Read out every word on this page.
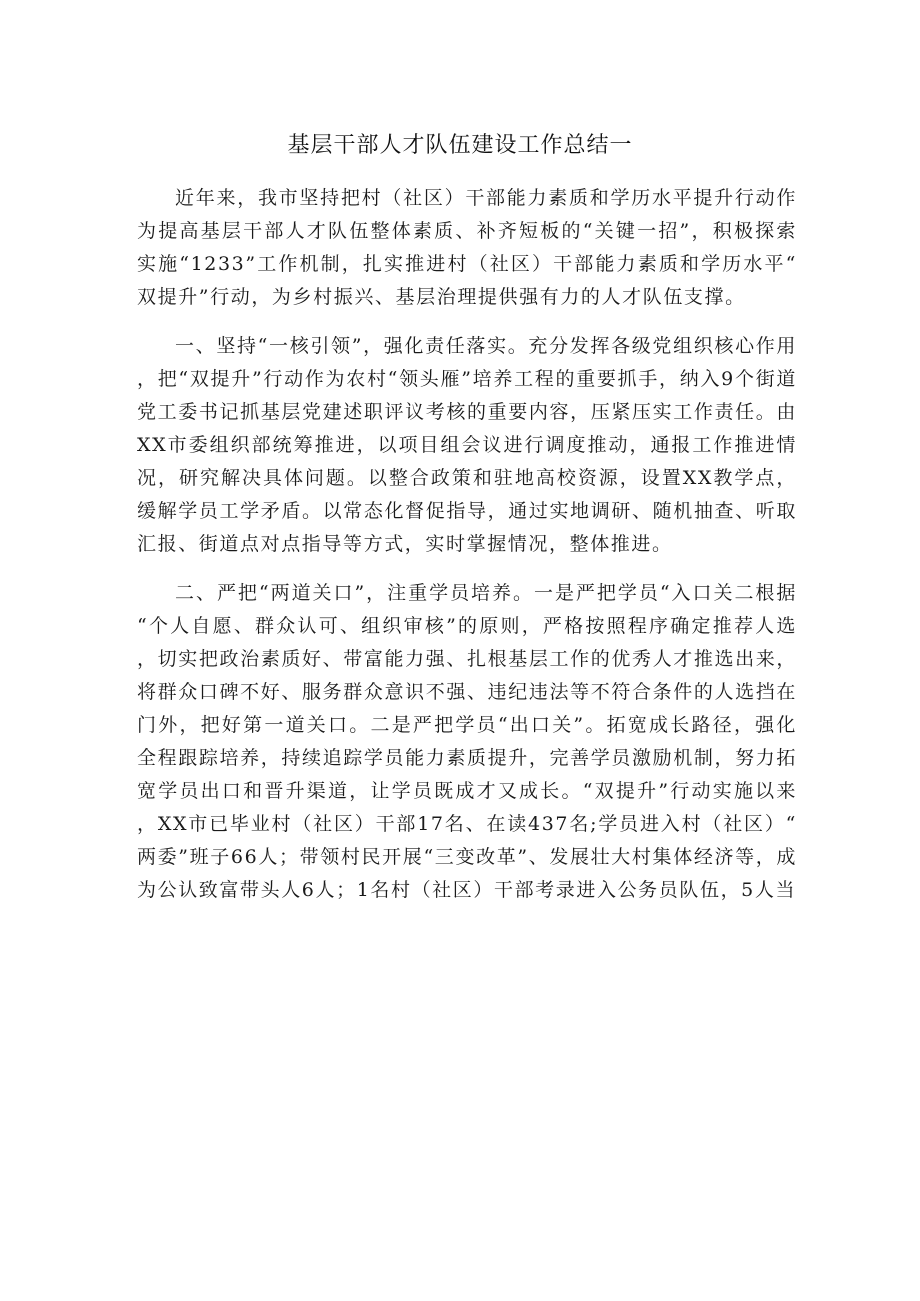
基层干部人才队伍建设工作总结一

近年来，我市坚持把村（社区）干部能力素质和学历水平提升行动作为提高基层干部人才队伍整体素质、补齐短板的“关键一招”，积极探索实施“1233”工作机制，扎实推进村（社区）干部能力素质和学历水平“双提升”行动，为乡村振兴、基层治理提供强有力的人才队伍支撑。

一、坚持“一核引领”，强化责任落实。充分发挥各级党组织核心作用，把“双提升”行动作为农村“领头雁”培养工程的重要抓手，纳入9个街道党工委书记抓基层党建述职评议考核的重要内容，压紧压实工作责任。由XX市委组织部统筹推进，以项目组会议进行调度推动，通报工作推进情况，研究解决具体问题。以整合政策和驻地高校资源，设置XX教学点，缓解学员工学矛盾。以常态化督促指导，通过实地调研、随机抽查、听取汇报、街道点对点指导等方式，实时掌握情况，整体推进。

二、严把“两道关口”，注重学员培养。一是严把学员“入口关二根据“个人自愿、群众认可、组织审核”的原则，严格按照程序确定推荐人选，切实把政治素质好、带富能力强、扎根基层工作的优秀人才推选出来，将群众口碑不好、服务群众意识不强、违纪违法等不符合条件的人选挡在门外，把好第一道关口。二是严把学员“出口关”。拓宽成长路径，强化全程跟踪培养，持续追踪学员能力素质提升，完善学员激励机制，努力拓宽学员出口和晋升渠道，让学员既成才又成长。“双提升”行动实施以来，XX市已毕业村（社区）干部17名、在读437名;学员进入村（社区）“两委”班子66人；带领村民开展“三变改革”、发展壮大村集体经济等，成为公认致富带头人6人；1名村（社区）干部考录进入公务员队伍，5人当
